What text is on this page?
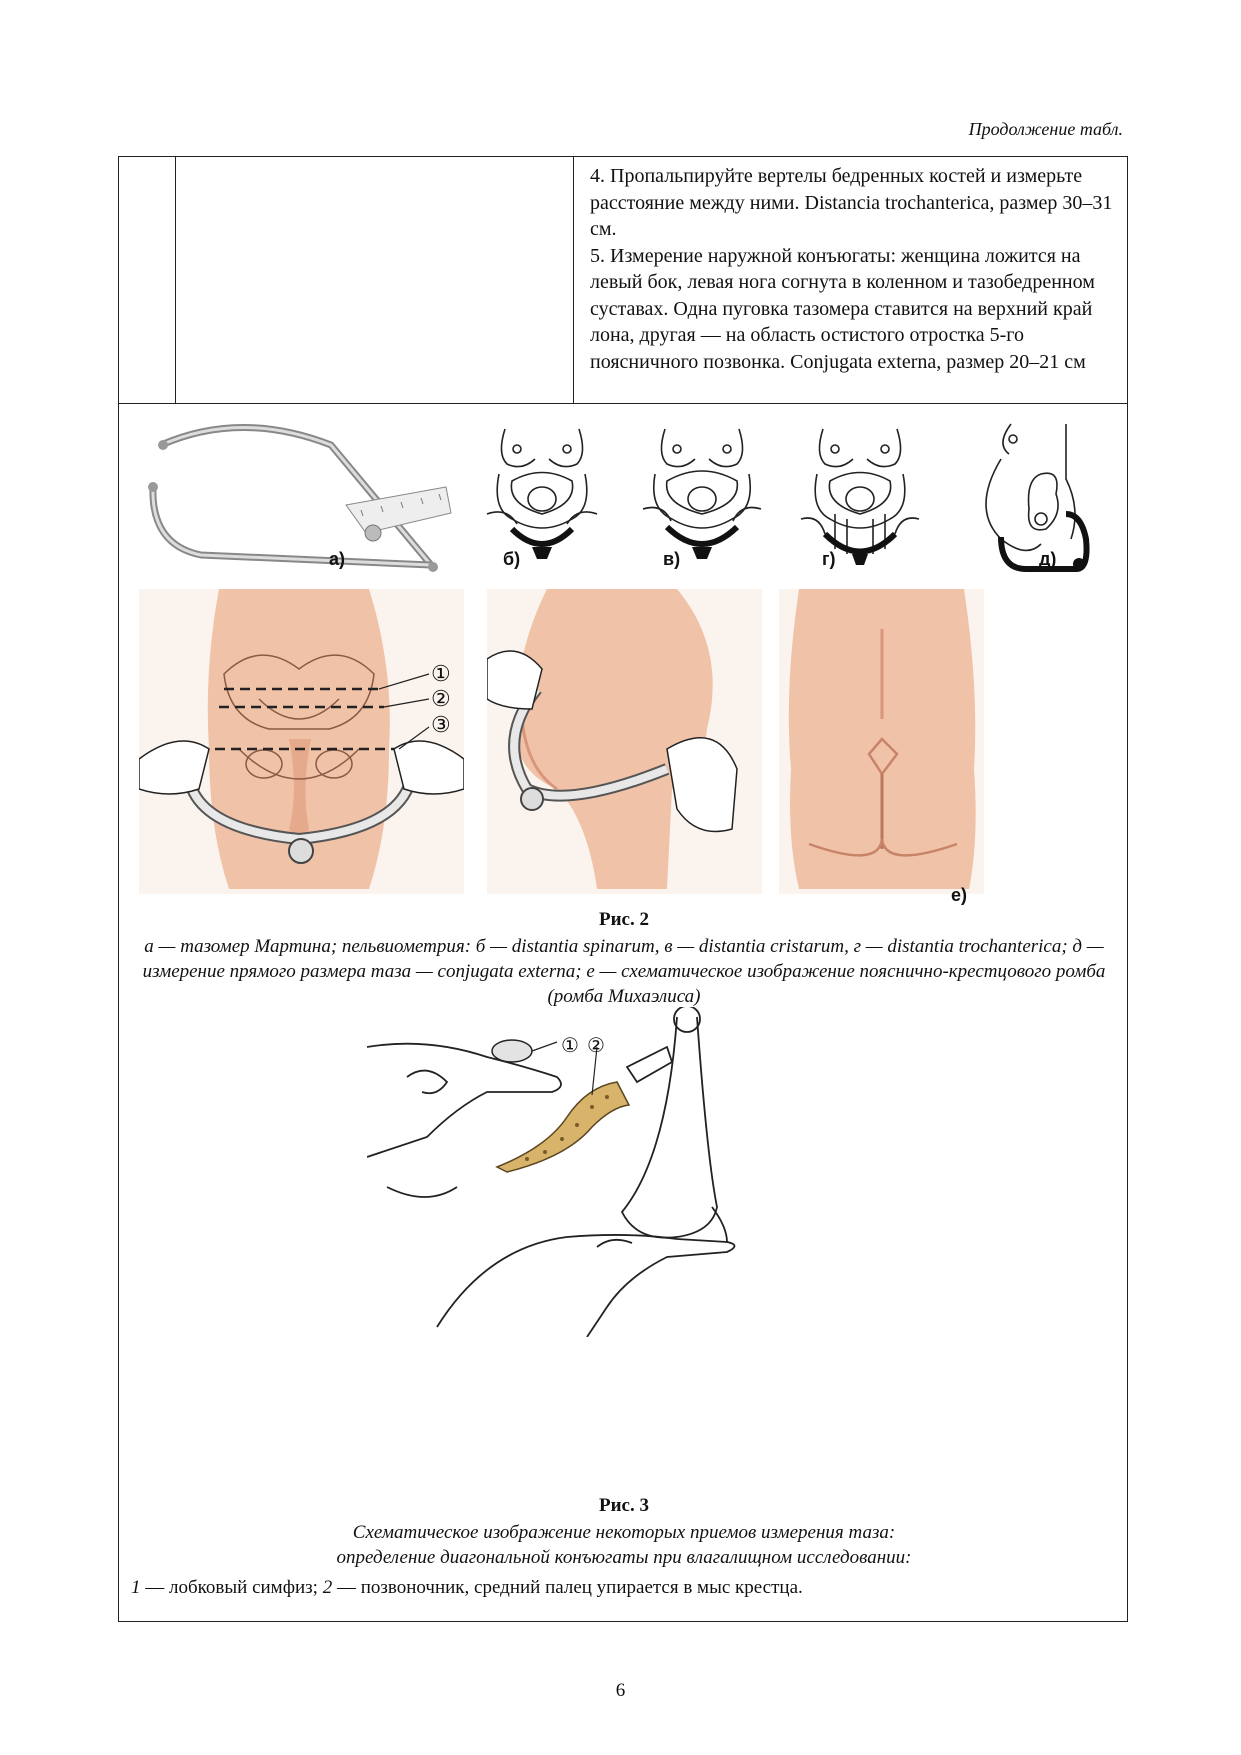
Продолжение табл.

4. Пропальпируйте вертелы бедренных костей и измерьте расстояние между ними. Distancia trochanterica, размер 30–31 см.

5. Измерение наружной конъюгаты: женщина ложится на левый бок, левая нога согнута в коленном и тазобедренном суставах. Одна пуговка тазомера ставится на верхний край лона, другая — на область остистого отростка 5-го поясничного позвонка. Conjugata externa, размер 20–21 см

а)	б)	в)	г)	д)
①
②
③
е)
Рис. 2
а — тазомер Мартина; пельвиометрия: б — distantia spinarum, в — distantia cristarum, г — distantia trochanterica; д — измерение прямого размера таза — conjugata externa; е — схематическое изображение пояснично-крестцового ромба (ромба Михаэлиса)
① ②
Рис. 3
Схематическое изображение некоторых приемов измерения таза:
определение диагональной конъюгаты при влагалищном исследовании:
1 — лобковый симфиз; 2 — позвоночник, средний палец упирается в мыс крестца.
6
